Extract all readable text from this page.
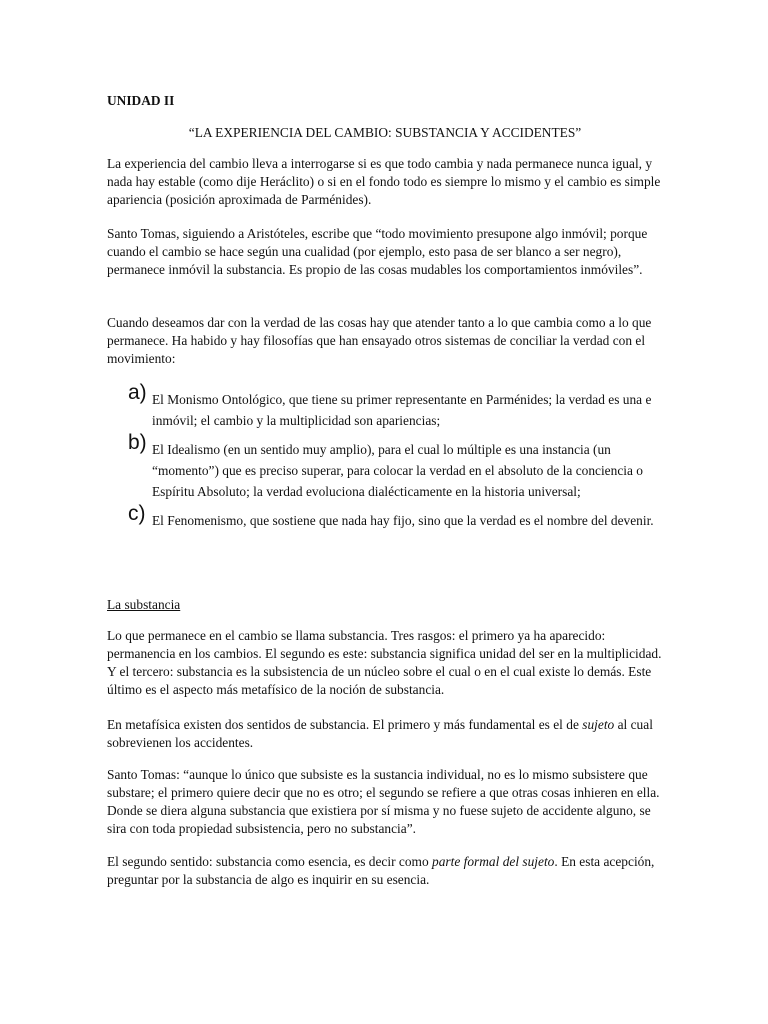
UNIDAD II

“LA EXPERIENCIA DEL CAMBIO: SUBSTANCIA Y ACCIDENTES”

La experiencia del cambio lleva a interrogarse si es que todo cambia y nada permanece nunca igual, y nada hay estable (como dije Heráclito) o si en el fondo todo es siempre lo mismo y el cambio es simple apariencia (posición aproximada de Parménides).

Santo Tomas, siguiendo a Aristóteles, escribe que “todo movimiento presupone algo inmóvil; porque cuando el cambio se hace según una cualidad (por ejemplo, esto pasa de ser blanco a ser negro), permanece inmóvil la substancia. Es propio de las cosas mudables los comportamientos inmóviles”.

Cuando deseamos dar con la verdad de las cosas hay que atender tanto a lo que cambia como a lo que permanece. Ha habido y hay filosofías que han ensayado otros sistemas de conciliar la verdad con el movimiento:

a) El Monismo Ontológico, que tiene su primer representante en Parménides; la verdad es una e inmóvil; el cambio y la multiplicidad son apariencias;
b) El Idealismo (en un sentido muy amplio), para el cual lo múltiple es una instancia (un “momento”) que es preciso superar, para colocar la verdad en el absoluto de la conciencia o Espíritu Absoluto; la verdad evoluciona dialécticamente en la historia universal;
c) El Fenomenismo, que sostiene que nada hay fijo, sino que la verdad es el nombre del devenir.

La substancia

Lo que permanece en el cambio se llama substancia. Tres rasgos: el primero ya ha aparecido: permanencia en los cambios. El segundo es este: substancia significa unidad del ser en la multiplicidad. Y el tercero: substancia es la subsistencia de un núcleo sobre el cual o en el cual existe lo demás. Este último es el aspecto más metafísico de la noción de substancia.

En metafísica existen dos sentidos de substancia. El primero y más fundamental es el de sujeto al cual sobrevienen los accidentes.

Santo Tomas: “aunque lo único que subsiste es la sustancia individual, no es lo mismo subsistere que substare; el primero quiere decir que no es otro; el segundo se refiere a que otras cosas inhieren en ella. Donde se diera alguna substancia que existiera por sí misma y no fuese sujeto de accidente alguno, se sira con toda propiedad subsistencia, pero no substancia”.

El segundo sentido: substancia como esencia, es decir como parte formal del sujeto. En esta acepción, preguntar por la substancia de algo es inquirir en su esencia.
